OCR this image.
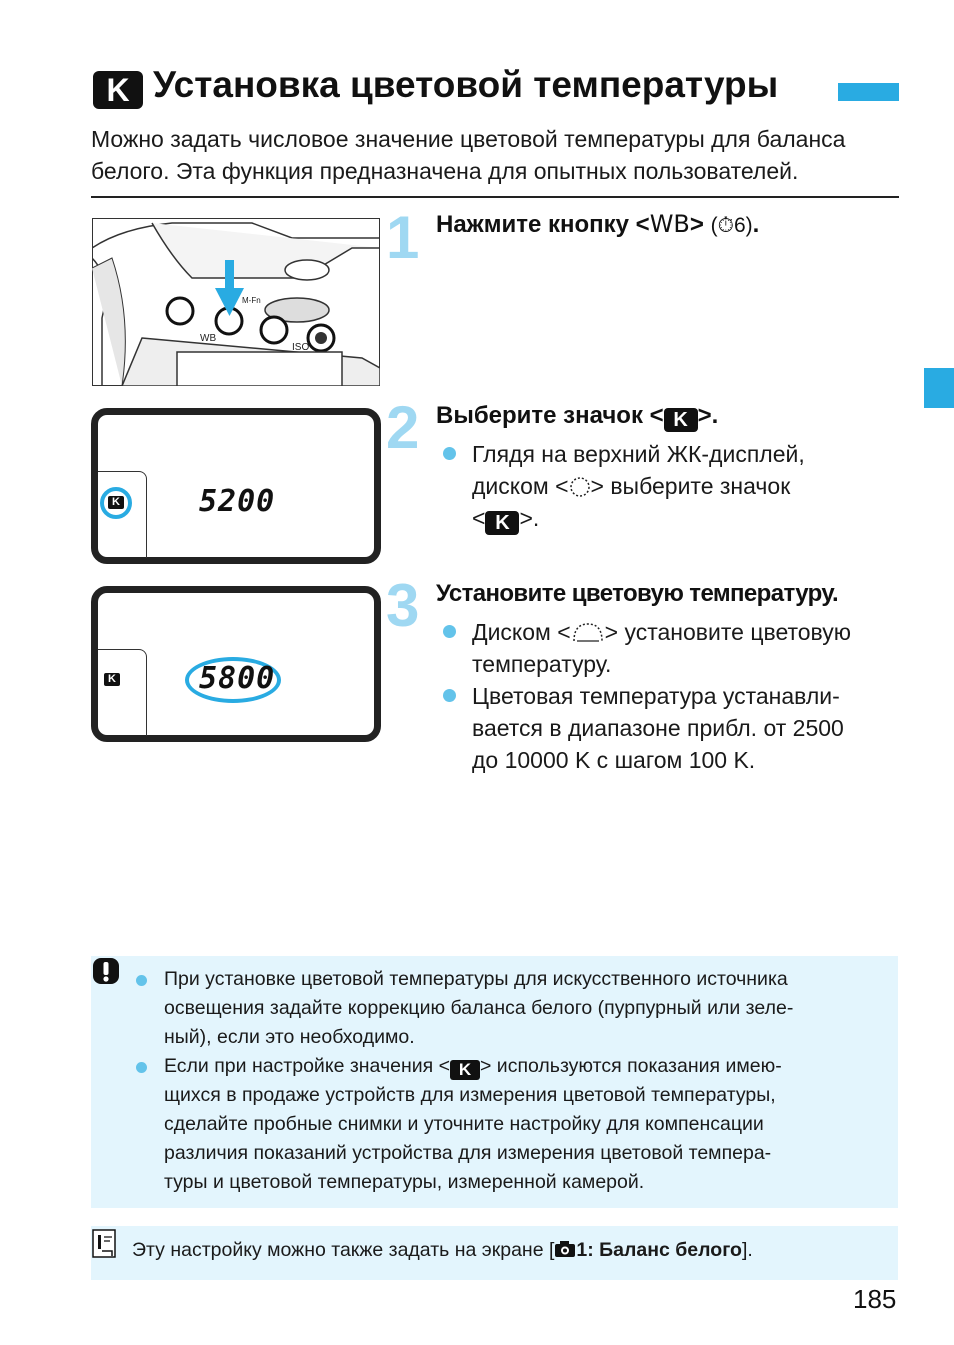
K Установка цветовой температуры
Можно задать числовое значение цветовой температуры для баланса белого. Эта функция предназначена для опытных пользователей.
M-Fn
WB
ISO
1 Нажмите кнопку <WB> (⏱6).
K	5200
2 Выберите значок < K >.
Глядя на верхний ЖК-дисплей,
диском < > выберите значок
< K >.
K	5800
3 Установите цветовую температуру.
Диском < > установите цветовую
температуру.
Цветовая температура устанавли-
вается в диапазоне прибл. от 2500
до 10000 K с шагом 100 K.
При установке цветовой температуры для искусственного источника
освещения задайте коррекцию баланса белого (пурпурный или зеле-
ный), если это необходимо.
Если при настройке значения < K > используются показания имею-
щихся в продаже устройств для измерения цветовой температуры,
сделайте пробные снимки и уточните настройку для компенсации
различия показаний устройства для измерения цветовой темпера-
туры и цветовой температуры, измеренной камерой.
Эту настройку можно также задать на экране [ 1: Баланс белого].
185
